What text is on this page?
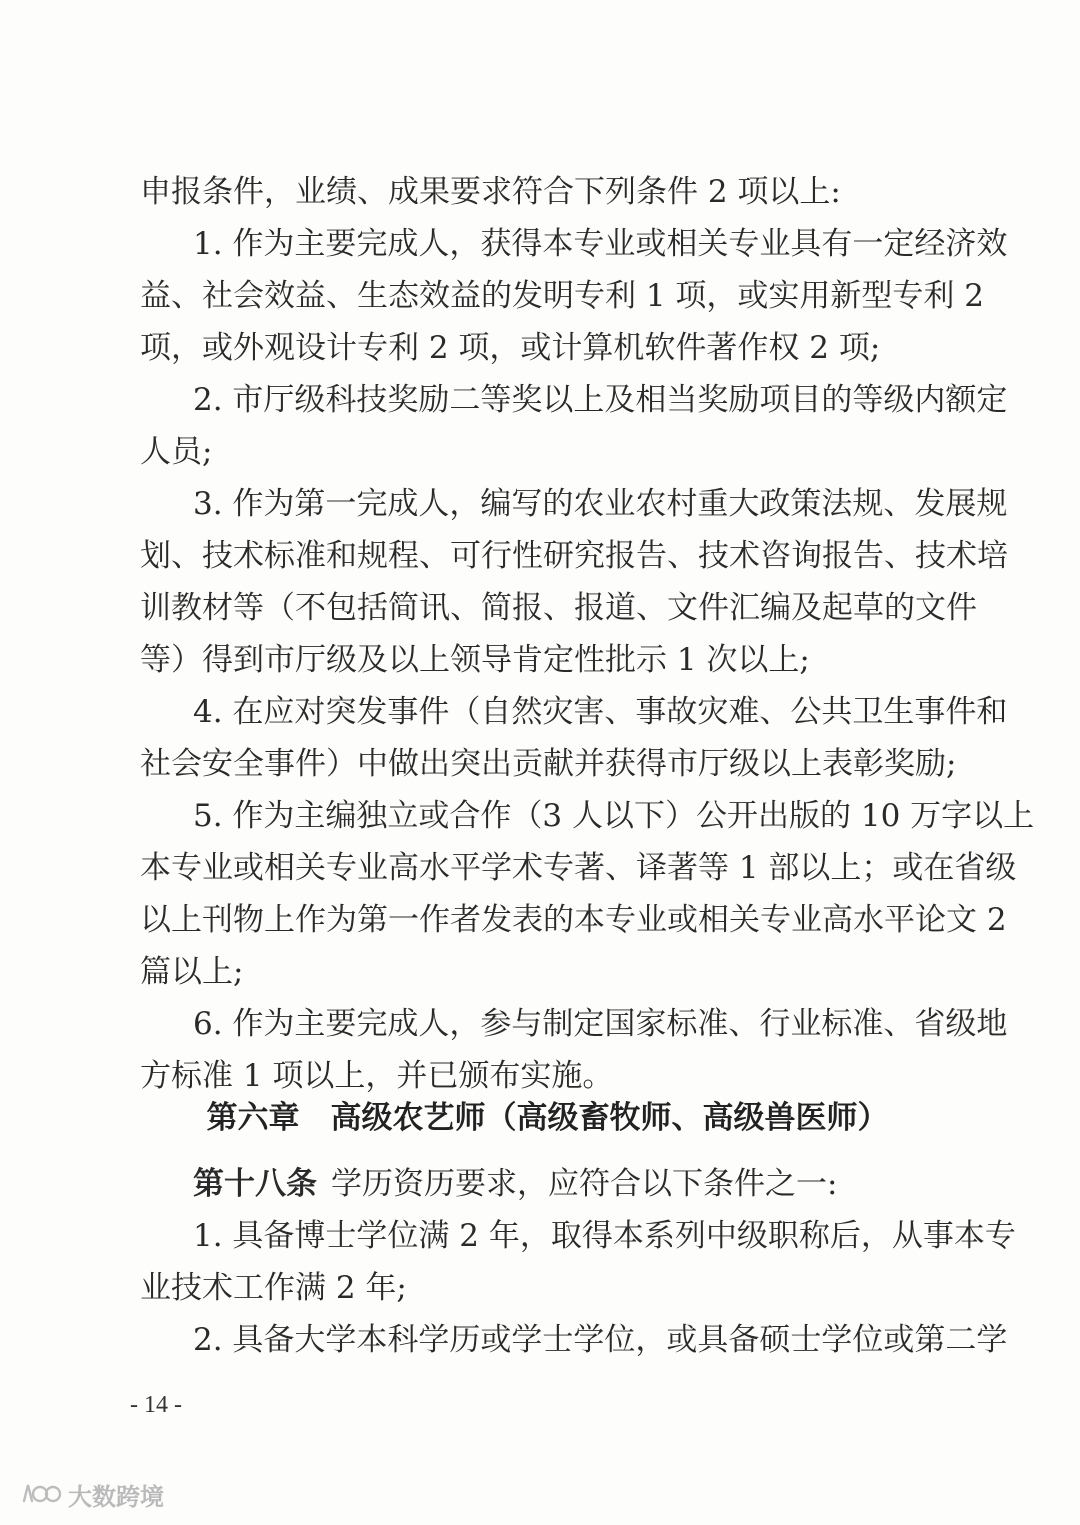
申报条件，业绩、成果要求符合下列条件 2 项以上:
1. 作为主要完成人，获得本专业或相关专业具有一定经济效
益、社会效益、生态效益的发明专利 1 项，或实用新型专利 2
项，或外观设计专利 2 项，或计算机软件著作权 2 项;
2. 市厅级科技奖励二等奖以上及相当奖励项目的等级内额定
人员;
3. 作为第一完成人，编写的农业农村重大政策法规、发展规
划、技术标准和规程、可行性研究报告、技术咨询报告、技术培
训教材等（不包括简讯、简报、报道、文件汇编及起草的文件
等）得到市厅级及以上领导肯定性批示 1 次以上;
4. 在应对突发事件（自然灾害、事故灾难、公共卫生事件和
社会安全事件）中做出突出贡献并获得市厅级以上表彰奖励;
5. 作为主编独立或合作（3 人以下）公开出版的 10 万字以上
本专业或相关专业高水平学术专著、译著等 1 部以上；或在省级
以上刊物上作为第一作者发表的本专业或相关专业高水平论文 2
篇以上;
6. 作为主要完成人，参与制定国家标准、行业标准、省级地
方标准 1 项以上，并已颁布实施。
第六章　高级农艺师（高级畜牧师、高级兽医师）
第十八条 学历资历要求，应符合以下条件之一:
1. 具备博士学位满 2 年，取得本系列中级职称后，从事本专
业技术工作满 2 年;
2. 具备大学本科学历或学士学位，或具备硕士学位或第二学
- 14 -
大数跨境
